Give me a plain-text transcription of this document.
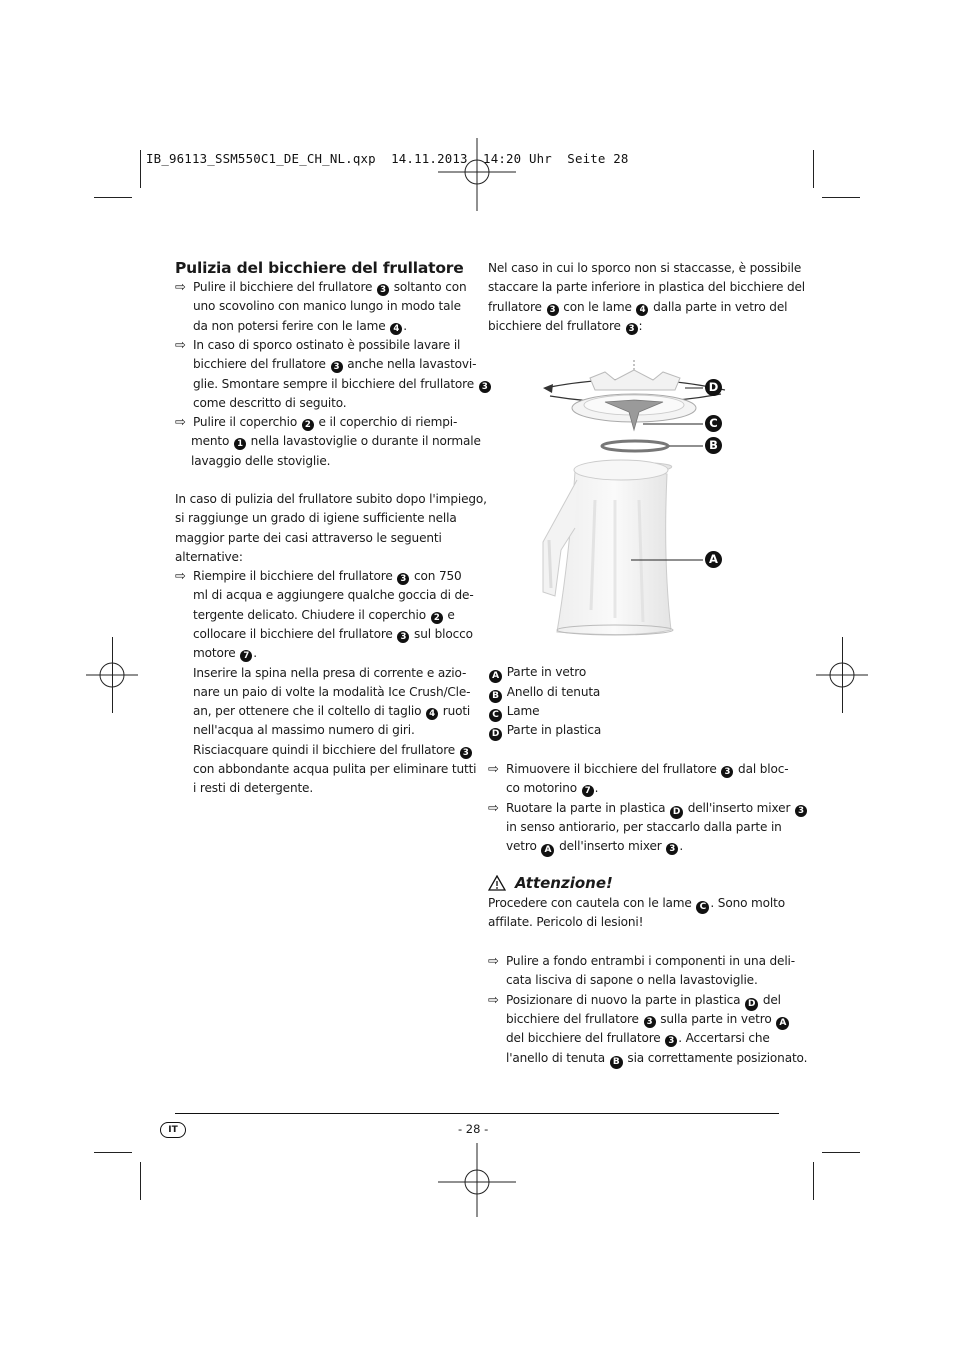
IB_96113_SSM550C1_DE_CH_NL.qxp  14.11.2013  14:20 Uhr  Seite 28
Pulizia del bicchiere del frullatore
D
C
B
A
A Parte in vetro
B Anello di tenuta
C Lame
D Parte in plastica
Attenzione!
IT	- 28 -
⇨ Pulire il bicchiere del frullatore 3 soltanto con
uno scovolino con manico lungo in modo tale
da non potersi ferire con le lame 4 .
⇨ In caso di sporco ostinato è possibile lavare il
bicchiere del frullatore 3 anche nella lavastovi-
glie. Smontare sempre il bicchiere del frullatore 3
come descritto di seguito.
⇨ Pulire il coperchio 2 e il coperchio di riempi-
mento 1 nella lavastoviglie o durante il normale
lavaggio delle stoviglie.
In caso di pulizia del frullatore subito dopo l'impiego,
si raggiunge un grado di igiene sufficiente nella
maggior parte dei casi attraverso le seguenti
alternative:
⇨ Riempire il bicchiere del frullatore 3 con 750
ml di acqua e aggiungere qualche goccia di de-
tergente delicato. Chiudere il coperchio 2 e
collocare il bicchiere del frullatore 3 sul blocco
motore 7 .
Inserire la spina nella presa di corrente e azio-
nare un paio di volte la modalità Ice Crush/Cle-
an, per ottenere che il coltello di taglio 4 ruoti
nell'acqua al massimo numero di giri.
Risciacquare quindi il bicchiere del frullatore 3
con abbondante acqua pulita per eliminare tutti
i resti di detergente.
Nel caso in cui lo sporco non si staccasse, è possibile
staccare la parte inferiore in plastica del bicchiere del
frullatore 3 con le lame 4 dalla parte in vetro del
bicchiere del frullatore 3 :
⇨ Rimuovere il bicchiere del frullatore 3 dal bloc-
co motorino 7 .
⇨ Ruotare la parte in plastica D dell'inserto mixer 3
in senso antiorario, per staccarlo dalla parte in
vetro A dell'inserto mixer 3 .
Procedere con cautela con le lame C . Sono molto
affilate. Pericolo di lesioni!
⇨ Pulire a fondo entrambi i componenti in una deli-
cata lisciva di sapone o nella lavastoviglie.
⇨ Posizionare di nuovo la parte in plastica D del
bicchiere del frullatore 3 sulla parte in vetro A
del bicchiere del frullatore 3 . Accertarsi che
l'anello di tenuta B sia correttamente posizionato.
